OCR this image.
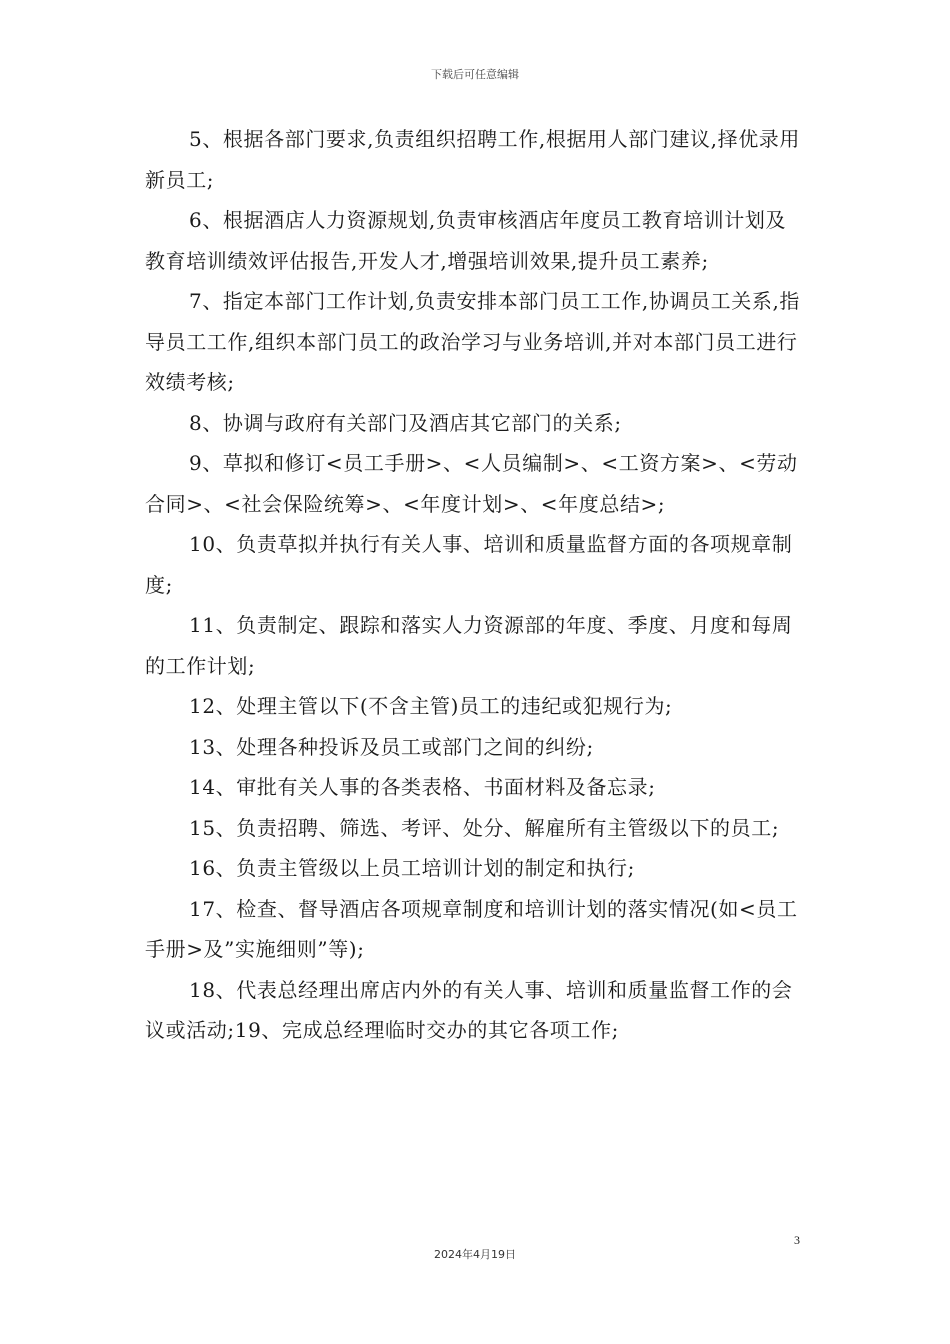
下载后可任意编辑

5、根据各部门要求,负责组织招聘工作,根据用人部门建议,择优录用新员工;

6、根据酒店人力资源规划,负责审核酒店年度员工教育培训计划及教育培训绩效评估报告,开发人才,增强培训效果,提升员工素养;

7、指定本部门工作计划,负责安排本部门员工工作,协调员工关系,指导员工工作,组织本部门员工的政治学习与业务培训,并对本部门员工进行效绩考核;

8、协调与政府有关部门及酒店其它部门的关系;

9、草拟和修订<员工手册>、<人员编制>、<工资方案>、<劳动合同>、<社会保险统筹>、<年度计划>、<年度总结>;

10、负责草拟并执行有关人事、培训和质量监督方面的各项规章制度;

11、负责制定、跟踪和落实人力资源部的年度、季度、月度和每周的工作计划;

12、处理主管以下(不含主管)员工的违纪或犯规行为;

13、处理各种投诉及员工或部门之间的纠纷;

14、审批有关人事的各类表格、书面材料及备忘录;

15、负责招聘、筛选、考评、处分、解雇所有主管级以下的员工;

16、负责主管级以上员工培训计划的制定和执行;

17、检查、督导酒店各项规章制度和培训计划的落实情况(如<员工手册>及”实施细则”等);

18、代表总经理出席店内外的有关人事、培训和质量监督工作的会议或活动;19、完成总经理临时交办的其它各项工作;

3
2024年4月19日
